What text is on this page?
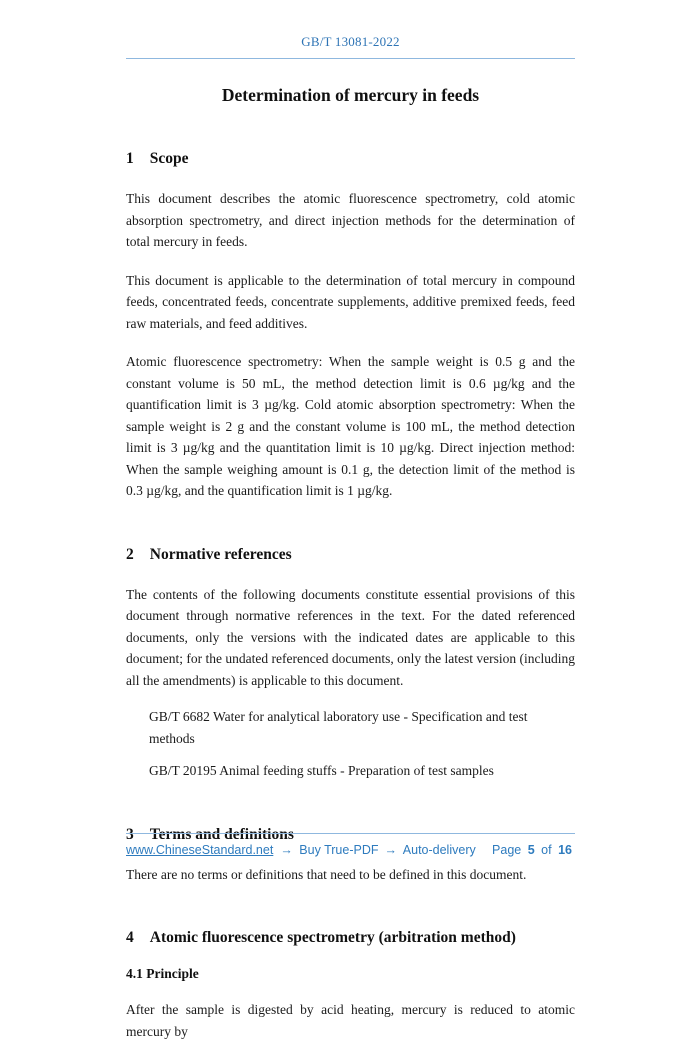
GB/T 13081-2022
Determination of mercury in feeds
1 Scope

This document describes the atomic fluorescence spectrometry, cold atomic absorption spectrometry, and direct injection methods for the determination of total mercury in feeds.

This document is applicable to the determination of total mercury in compound feeds, concentrated feeds, concentrate supplements, additive premixed feeds, feed raw materials, and feed additives.

Atomic fluorescence spectrometry: When the sample weight is 0.5 g and the constant volume is 50 mL, the method detection limit is 0.6 µg/kg and the quantification limit is 3 µg/kg. Cold atomic absorption spectrometry: When the sample weight is 2 g and the constant volume is 100 mL, the method detection limit is 3 µg/kg and the quantitation limit is 10 µg/kg. Direct injection method: When the sample weighing amount is 0.1 g, the detection limit of the method is 0.3 µg/kg, and the quantification limit is 1 µg/kg.

2 Normative references

The contents of the following documents constitute essential provisions of this document through normative references in the text. For the dated referenced documents, only the versions with the indicated dates are applicable to this document; for the undated referenced documents, only the latest version (including all the amendments) is applicable to this document.

GB/T 6682 Water for analytical laboratory use - Specification and test methods

GB/T 20195 Animal feeding stuffs - Preparation of test samples

3 Terms and definitions

There are no terms or definitions that need to be defined in this document.

4 Atomic fluorescence spectrometry (arbitration method)

4.1 Principle

After the sample is digested by acid heating, mercury is reduced to atomic mercury by

www.ChineseStandard.net → Buy True-PDF → Auto-delivery Page 5 of 16
